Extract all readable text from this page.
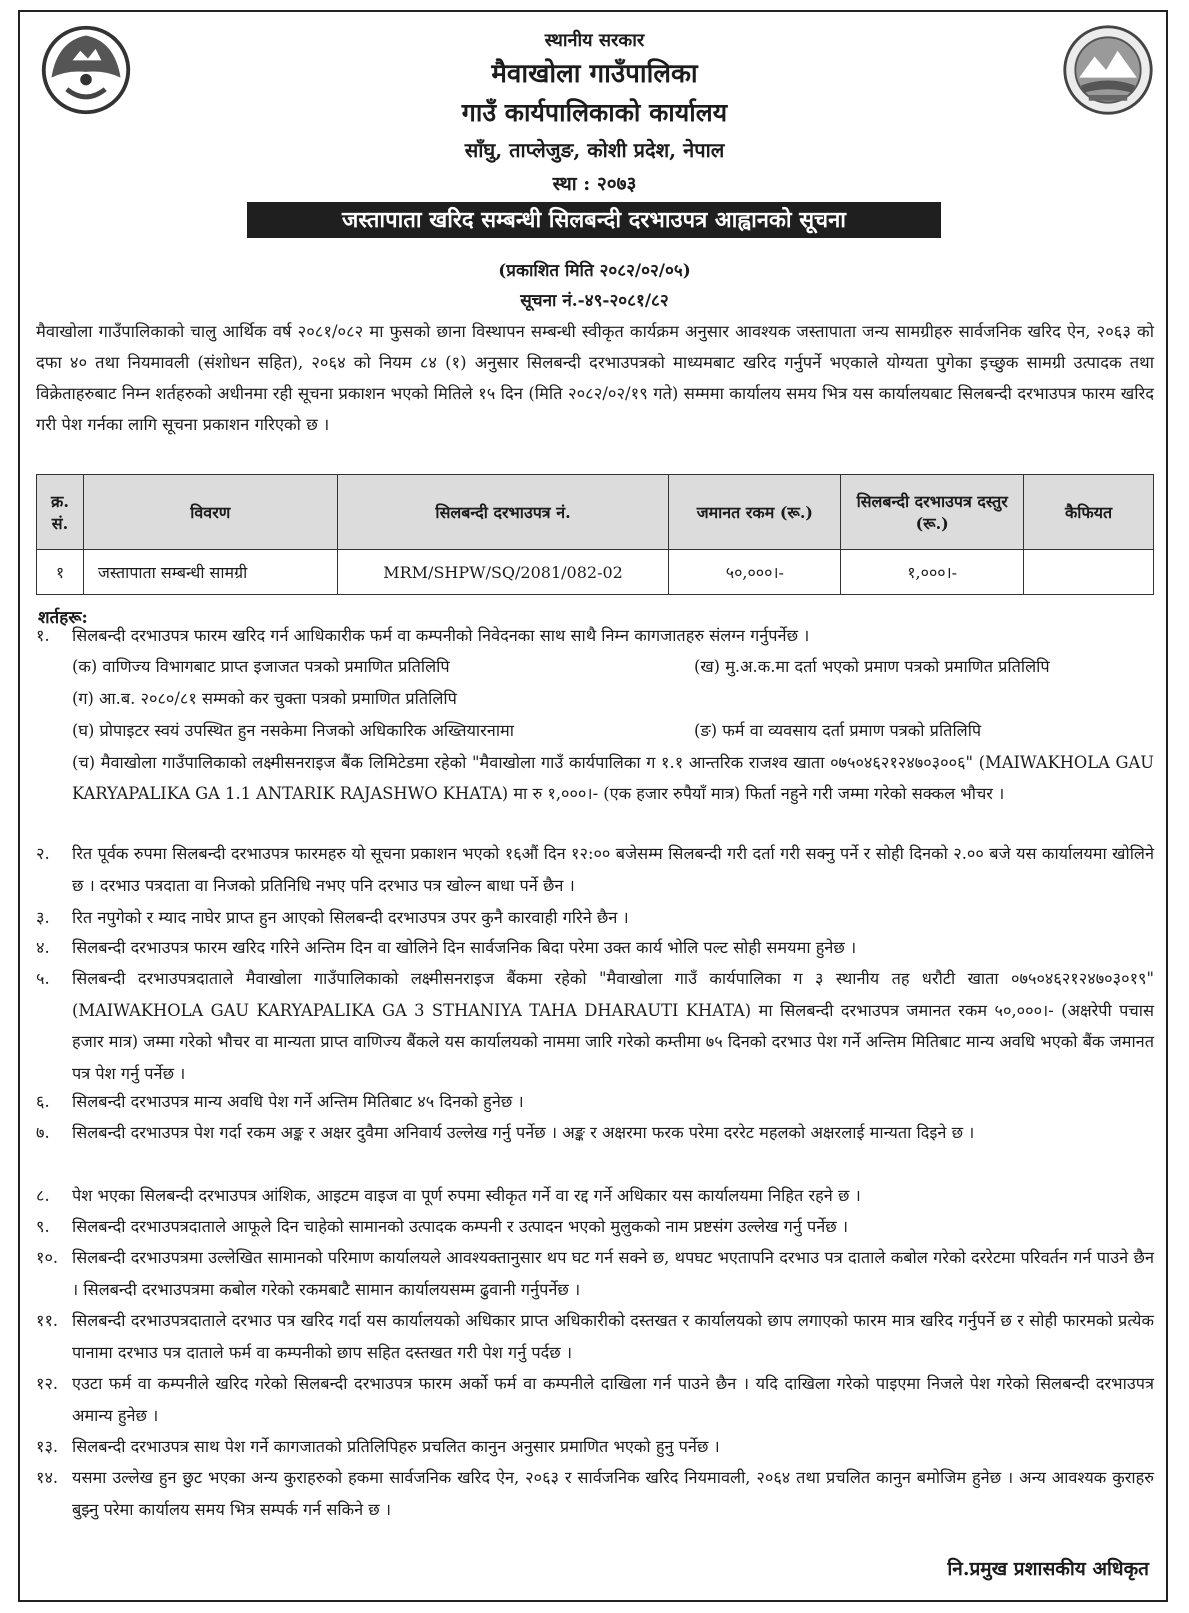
स्थानीय सरकार
मैवाखोला गाउँपालिका
गाउँ कार्यपालिकाको कार्यालय
साँघु, ताप्लेजुङ, कोशी प्रदेश, नेपाल
स्था : २०७३
जस्तापाता खरिद सम्बन्धी सिलबन्दी दरभाउपत्र आह्वानको सूचना
(प्रकाशित मिति २०८२/०२/०५)
सूचना नं.-४९-२०८१/८२
मैवाखोला गाउँपालिकाको चालु आर्थिक वर्ष २०८१/०८२ मा फुसको छाना विस्थापन सम्बन्धी स्वीकृत कार्यक्रम अनुसार आवश्यक जस्तापाता जन्य सामग्रीहरु सार्वजनिक खरिद ऐन, २०६३ को दफा ४० तथा नियमावली (संशोधन सहित), २०६४ को नियम ८४ (१) अनुसार सिलबन्दी दरभाउपत्रको माध्यमबाट खरिद गर्नुपर्ने भएकाले योग्यता पुगेका इच्छुक सामग्री उत्पादक तथा विक्रेताहरुबाट निम्न शर्तहरुको अधीनमा रही सूचना प्रकाशन भएको मितिले १५ दिन (मिति २०८२/०२/१९ गते) सम्ममा कार्यालय समय भित्र यस कार्यालयबाट सिलबन्दी दरभाउपत्र फारम खरिद गरी पेश गर्नका लागि सूचना प्रकाशन गरिएको छ ।
क्र. सं.	विवरण	सिलबन्दी दरभाउपत्र नं.	जमानत रकम (रू.)	सिलबन्दी दरभाउपत्र दस्तुर (रू.)	कैफियत
१	जस्तापाता सम्बन्धी सामग्री	MRM/SHPW/SQ/2081/082-02	५०,०००।-	१,०००।-	
शर्तहरू:
१.	सिलबन्दी दरभाउपत्र फारम खरिद गर्न आधिकारीक फर्म वा कम्पनीको निवेदनका साथ साथै निम्न कागजातहरु संलग्न गर्नुपर्नेछ ।
(क) वाणिज्य विभागबाट प्राप्त इजाजत पत्रको प्रमाणित प्रतिलिपि	(ख) मु.अ.क.मा दर्ता भएको प्रमाण पत्रको प्रमाणित प्रतिलिपि
(ग) आ.ब. २०८०/८१ सम्मको कर चुक्ता पत्रको प्रमाणित प्रतिलिपि
(घ) प्रोपाइटर स्वयं उपस्थित हुन नसकेमा निजको अधिकारिक अख्तियारनामा	(ङ) फर्म वा व्यवसाय दर्ता प्रमाण पत्रको प्रतिलिपि
(च) मैवाखोला गाउँपालिकाको लक्ष्मीसनराइज बैंक लिमिटेडमा रहेको "मैवाखोला गाउँ कार्यपालिका ग १.१ आन्तरिक राजश्व खाता ०७५०४६२१२४७०३००६" (MAIWAKHOLA GAU KARYAPALIKA GA 1.1 ANTARIK RAJASHWO KHATA) मा रु १,०००।- (एक हजार रुपैयाँ मात्र) फिर्ता नहुने गरी जम्मा गरेको सक्कल भौचर ।
२.	रित पूर्वक रुपमा सिलबन्दी दरभाउपत्र फारमहरु यो सूचना प्रकाशन भएको १६औं दिन १२:०० बजेसम्म सिलबन्दी गरी दर्ता गरी सक्नु पर्ने र सोही दिनको २.०० बजे यस कार्यालयमा खोलिने छ । दरभाउ पत्रदाता वा निजको प्रतिनिधि नभए पनि दरभाउ पत्र खोल्न बाधा पर्ने छैन ।
३.	रित नपुगेको र म्याद नाघेर प्राप्त हुन आएको सिलबन्दी दरभाउपत्र उपर कुनै कारवाही गरिने छैन ।
४.	सिलबन्दी दरभाउपत्र फारम खरिद गरिने अन्तिम दिन वा खोलिने दिन सार्वजनिक बिदा परेमा उक्त कार्य भोलि पल्ट सोही समयमा हुनेछ ।
५.	सिलबन्दी दरभाउपत्रदाताले मैवाखोला गाउँपालिकाको लक्ष्मीसनराइज बैंकमा रहेको "मैवाखोला गाउँ कार्यपालिका ग ३ स्थानीय तह धरौटी खाता ०७५०४६२१२४७०३०१९" (MAIWAKHOLA GAU KARYAPALIKA GA 3 STHANIYA TAHA DHARAUTI KHATA) मा सिलबन्दी दरभाउपत्र जमानत रकम ५०,०००।- (अक्षरेपी पचास हजार मात्र) जम्मा गरेको भौचर वा मान्यता प्राप्त वाणिज्य बैंकले यस कार्यालयको नाममा जारि गरेको कम्तीमा ७५ दिनको दरभाउ पेश गर्ने अन्तिम मितिबाट मान्य अवधि भएको बैंक जमानत पत्र पेश गर्नु पर्नेछ ।
६.	सिलबन्दी दरभाउपत्र मान्य अवधि पेश गर्ने अन्तिम मितिबाट ४५ दिनको हुनेछ ।
७.	सिलबन्दी दरभाउपत्र पेश गर्दा रकम अङ्क र अक्षर दुवैमा अनिवार्य उल्लेख गर्नु पर्नेछ । अङ्क र अक्षरमा फरक परेमा दररेट महलको अक्षरलाई मान्यता दिइने छ ।
८.	पेश भएका सिलबन्दी दरभाउपत्र आंशिक, आइटम वाइज वा पूर्ण रुपमा स्वीकृत गर्ने वा रद्द गर्ने अधिकार यस कार्यालयमा निहित रहने छ ।
९.	सिलबन्दी दरभाउपत्रदाताले आफूले दिन चाहेको सामानको उत्पादक कम्पनी र उत्पादन भएको मुलुकको नाम प्रष्टसंग उल्लेख गर्नु पर्नेछ ।
१०. सिलबन्दी दरभाउपत्रमा उल्लेखित सामानको परिमाण कार्यालयले आवश्यक्तानुसार थप घट गर्न सक्ने छ, थपघट भएतापनि दरभाउ पत्र दाताले कबोल गरेको दररेटमा परिवर्तन गर्न पाउने छैन । सिलबन्दी दरभाउपत्रमा कबोल गरेको रकमबाटै सामान कार्यालयसम्म ढुवानी गर्नुपर्नेछ ।
११. सिलबन्दी दरभाउपत्रदाताले दरभाउ पत्र खरिद गर्दा यस कार्यालयको अधिकार प्राप्त अधिकारीको दस्तखत र कार्यालयको छाप लगाएको फारम मात्र खरिद गर्नुपर्ने छ र सोही फारमको प्रत्येक पानामा दरभाउ पत्र दाताले फर्म वा कम्पनीको छाप सहित दस्तखत गरी पेश गर्नु पर्दछ ।
१२. एउटा फर्म वा कम्पनीले खरिद गरेको सिलबन्दी दरभाउपत्र फारम अर्को फर्म वा कम्पनीले दाखिला गर्न पाउने छैन । यदि दाखिला गरेको पाइएमा निजले पेश गरेको सिलबन्दी दरभाउपत्र अमान्य हुनेछ ।
१३. सिलबन्दी दरभाउपत्र साथ पेश गर्ने कागजातको प्रतिलिपिहरु प्रचलित कानुन अनुसार प्रमाणित भएको हुनु पर्नेछ ।
१४. यसमा उल्लेख हुन छुट भएका अन्य कुराहरुको हकमा सार्वजनिक खरिद ऐन, २०६३ र सार्वजनिक खरिद नियमावली, २०६४ तथा प्रचलित कानुन बमोजिम हुनेछ । अन्य आवश्यक कुराहरु बुझ्नु परेमा कार्यालय समय भित्र सम्पर्क गर्न सकिने छ ।
नि.प्रमुख प्रशासकीय अधिकृत
